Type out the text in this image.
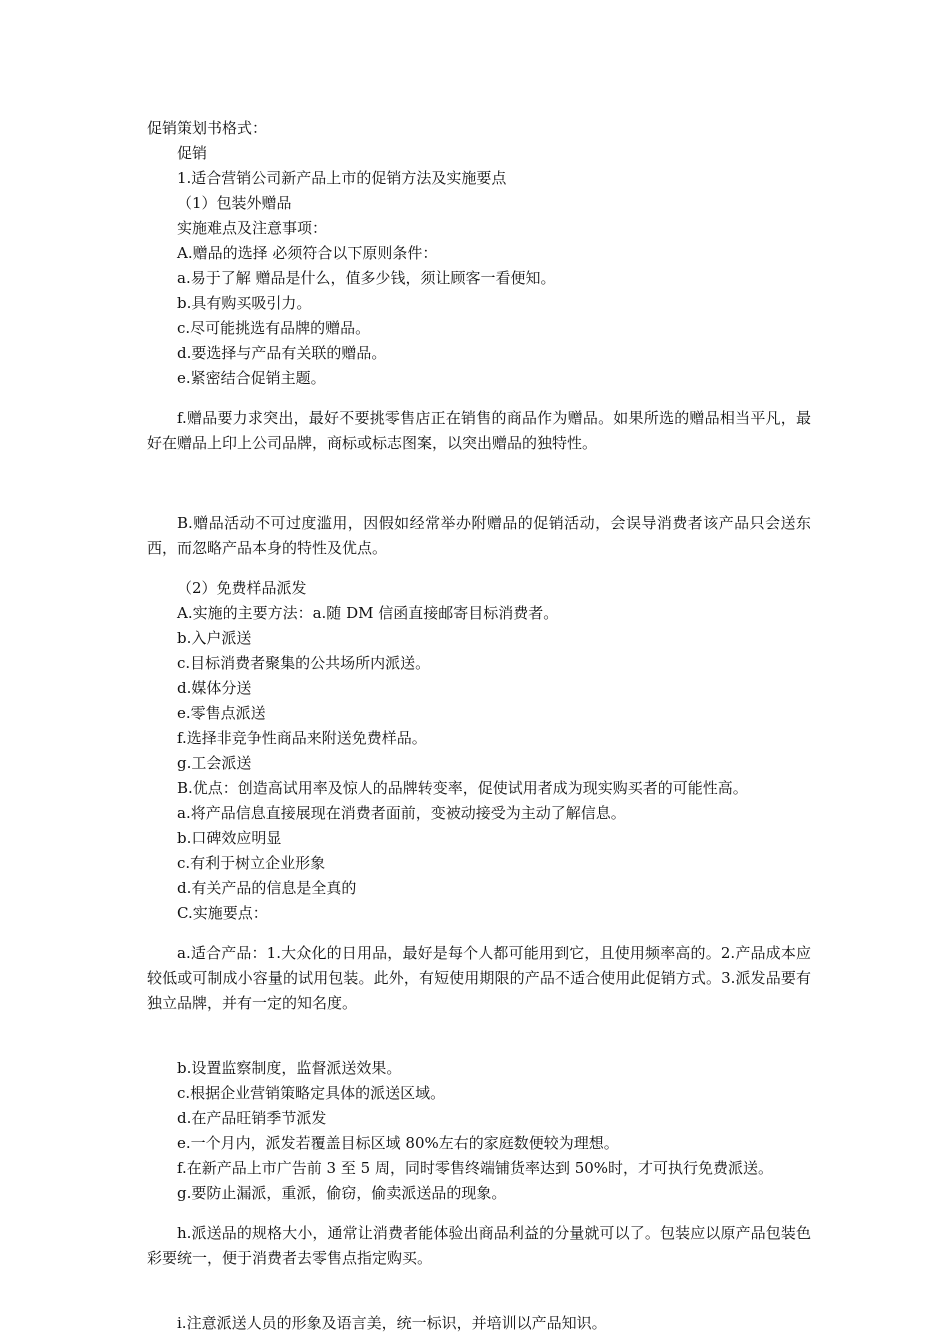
促销策划书格式：

促销

1.适合营销公司新产品上市的促销方法及实施要点

（1）包装外赠品

实施难点及注意事项：

A.赠品的选择 必须符合以下原则条件：

a.易于了解 赠品是什么，值多少钱，须让顾客一看便知。

b.具有购买吸引力。

c.尽可能挑选有品牌的赠品。

d.要选择与产品有关联的赠品。

e.紧密结合促销主题。

f.赠品要力求突出，最好不要挑零售店正在销售的商品作为赠品。如果所选的赠品相当平凡，最好在赠品上印上公司品牌，商标或标志图案，以突出赠品的独特性。

B.赠品活动不可过度滥用，因假如经常举办附赠品的促销活动，会误导消费者该产品只会送东西，而忽略产品本身的特性及优点。

（2）免费样品派发

A.实施的主要方法：a.随 DM 信函直接邮寄目标消费者。

b.入户派送

c.目标消费者聚集的公共场所内派送。

d.媒体分送

e.零售点派送

f.选择非竞争性商品来附送免费样品。

g.工会派送

B.优点：创造高试用率及惊人的品牌转变率，促使试用者成为现实购买者的可能性高。

a.将产品信息直接展现在消费者面前，变被动接受为主动了解信息。

b.口碑效应明显

c.有利于树立企业形象

d.有关产品的信息是全真的

C.实施要点：

a.适合产品：1.大众化的日用品，最好是每个人都可能用到它，且使用频率高的。2.产品成本应较低或可制成小容量的试用包装。此外，有短使用期限的产品不适合使用此促销方式。3.派发品要有独立品牌，并有一定的知名度。

b.设置监察制度，监督派送效果。

c.根据企业营销策略定具体的派送区域。

d.在产品旺销季节派发

e.一个月内，派发若覆盖目标区域 80%左右的家庭数便较为理想。

f.在新产品上市广告前 3 至 5 周，同时零售终端铺货率达到 50%时，才可执行免费派送。

g.要防止漏派，重派，偷窃，偷卖派送品的现象。

h.派送品的规格大小，通常让消费者能体验出商品利益的分量就可以了。包装应以原产品包装色彩要统一，便于消费者去零售点指定购买。

i.注意派送人员的形象及语言美，统一标识，并培训以产品知识。
